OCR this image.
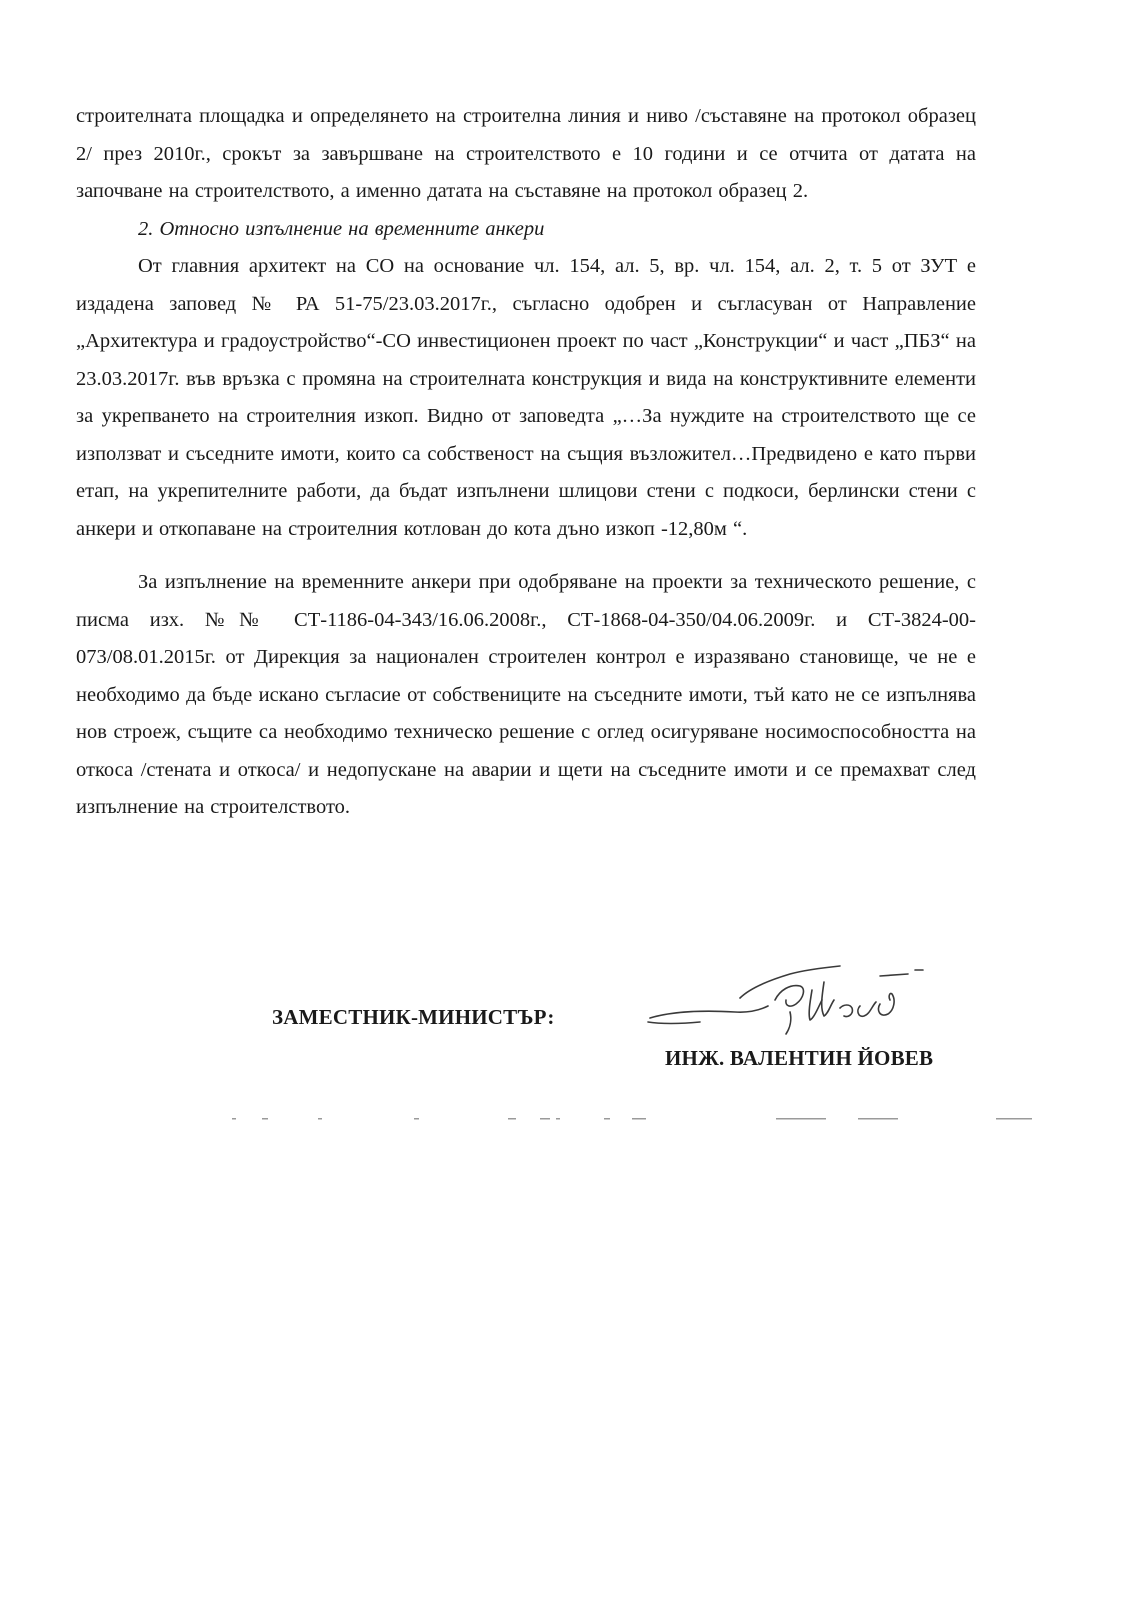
строителната площадка и определянето на строителна линия и ниво /съставяне на протокол образец 2/ през 2010г., срокът за завършване на строителството е 10 години и се отчита от датата на започване на строителството, а именно датата на съставяне на протокол образец 2.

2. Относно изпълнение на временните анкери

От главния архитект на СО на основание чл. 154, ал. 5, вр. чл. 154, ал. 2, т. 5 от ЗУТ е издадена заповед № РА 51-75/23.03.2017г., съгласно одобрен и съгласуван от Направление „Архитектура и градоустройство“-СО инвестиционен проект по част „Конструкции“ и част „ПБЗ“ на 23.03.2017г. във връзка с промяна на строителната конструкция и вида на конструктивните елементи за укрепването на строителния изкоп. Видно от заповедта „…За нуждите на строителството ще се използват и съседните имоти, които са собственост на същия възложител…Предвидено е като първи етап, на укрепителните работи, да бъдат изпълнени шлицови стени с подкоси, берлински стени с анкери и откопаване на строителния котлован до кота дъно изкоп -12,80м “.

За изпълнение на временните анкери при одобряване на проекти за техническото решение, с писма изх. №№ СТ-1186-04-343/16.06.2008г., СТ-1868-04-350/04.06.2009г. и СТ-3824-00-073/08.01.2015г. от Дирекция за национален строителен контрол е изразявано становище, че не е необходимо да бъде искано съгласие от собствениците на съседните имоти, тъй като не се изпълнява нов строеж, същите са необходимо техническо решение с оглед осигуряване носимоспособността на откоса /стената и откоса/ и недопускане на аварии и щети на съседните имоти и се премахват след изпълнение на строителството.

ЗАМЕСТНИК-МИНИСТЪР:
ИНЖ. ВАЛЕНТИН ЙОВЕВ
